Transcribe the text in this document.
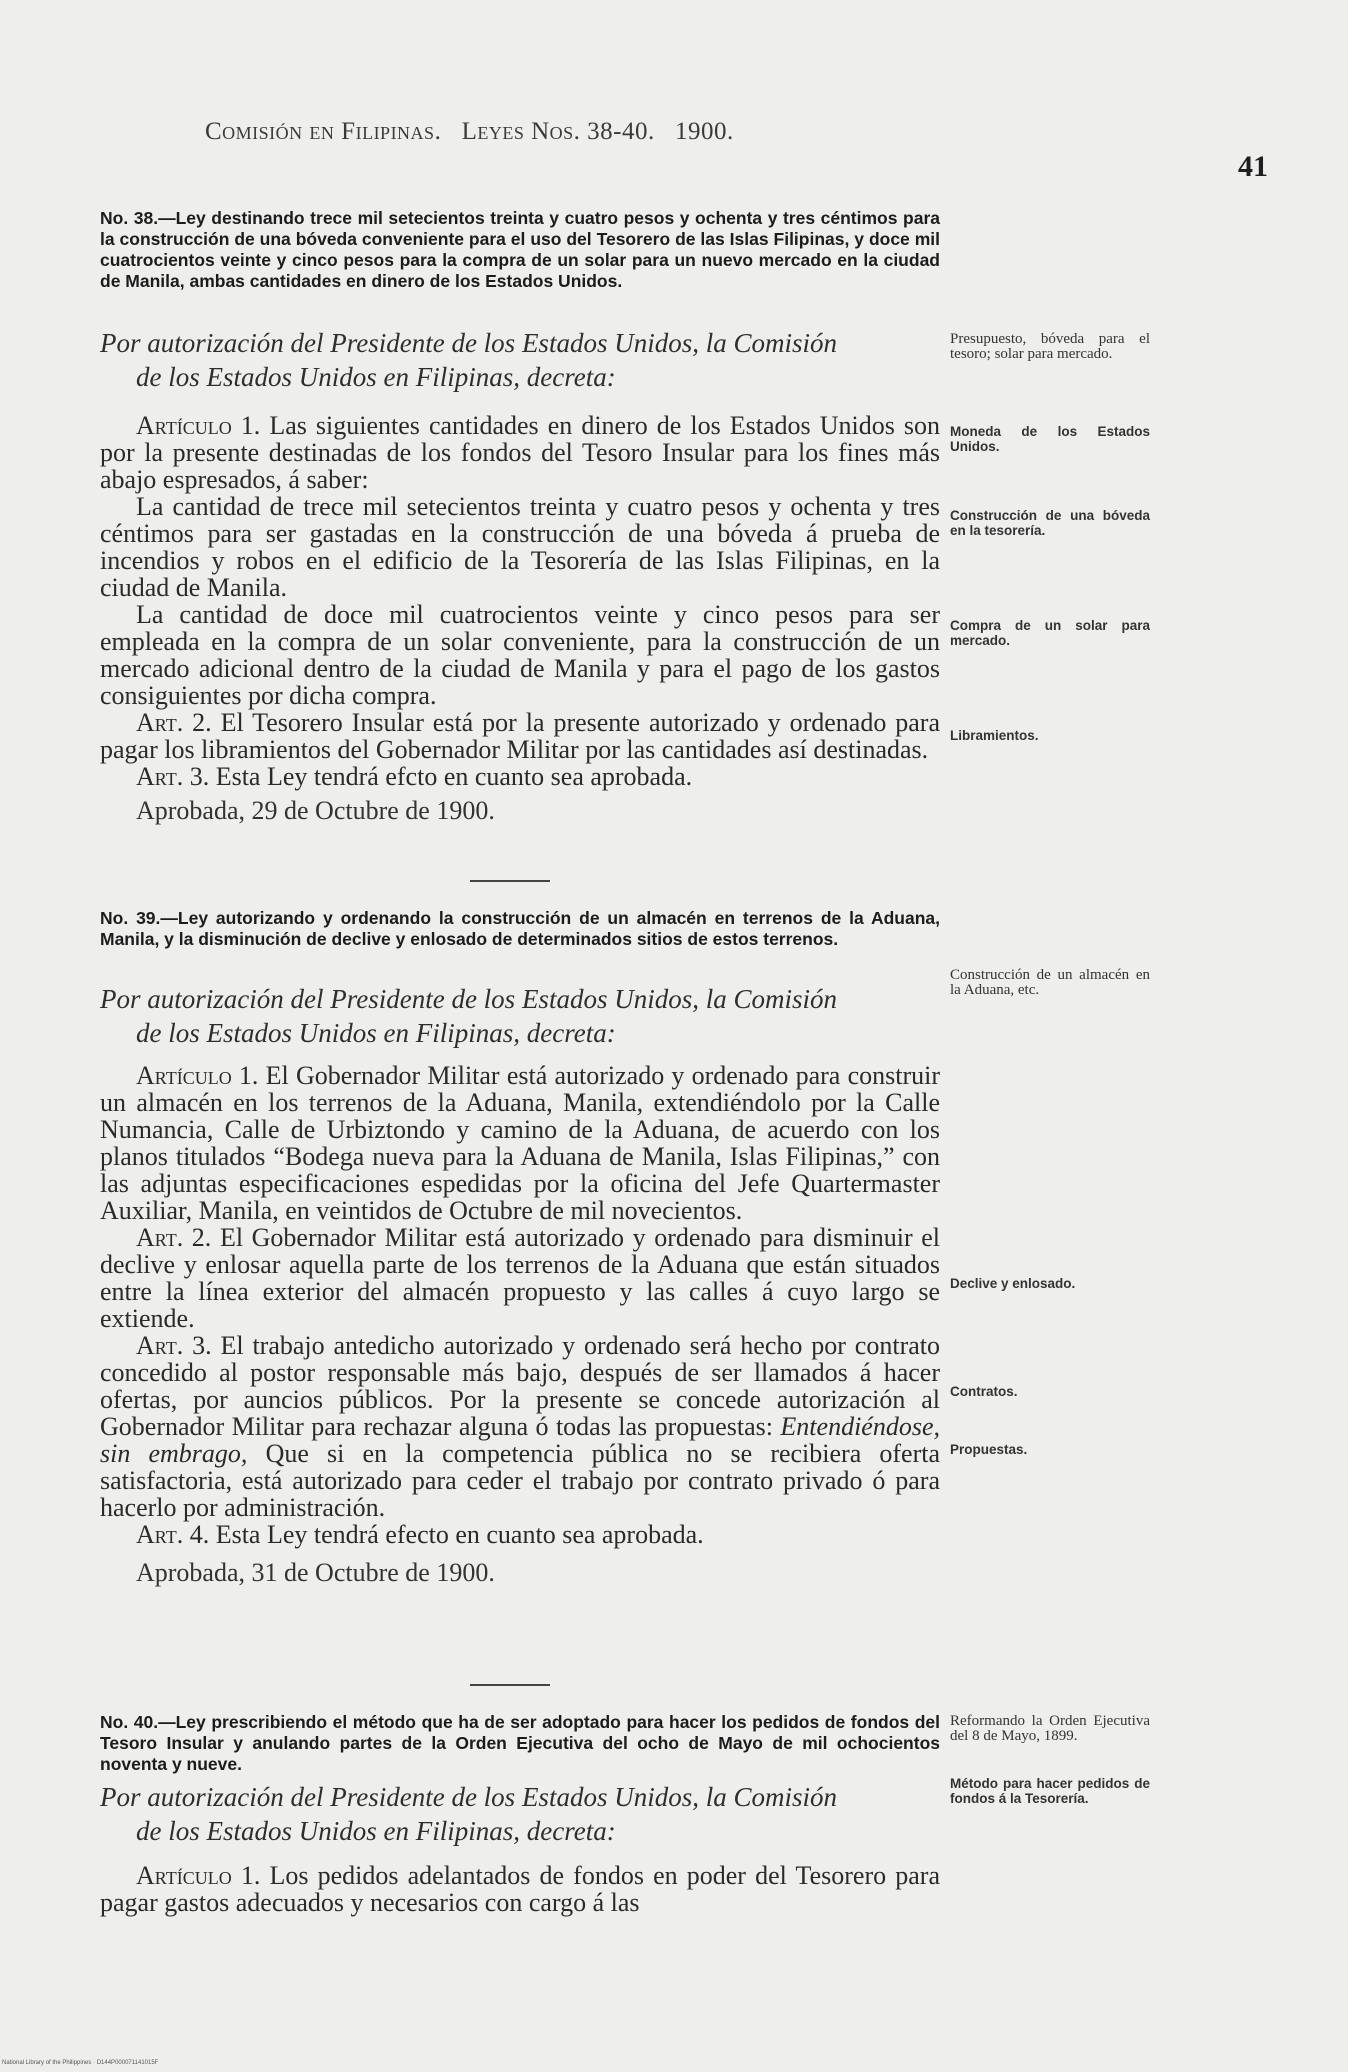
Comisión en Filipinas. Leyes Nos. 38-40. 1900.
41
No. 38.—Ley destinando trece mil setecientos treinta y cuatro pesos y ochenta y tres céntimos para la construcción de una bóveda conveniente para el uso del Tesorero de las Islas Filipinas, y doce mil cuatrocientos veinte y cinco pesos para la compra de un solar para un nuevo mercado en la ciudad de Manila, ambas cantidades en dinero de los Estados Unidos.
Por autorización del Presidente de los Estados Unidos, la Comisión
de los Estados Unidos en Filipinas, decreta:

Artículo 1. Las siguientes cantidades en dinero de los Estados Unidos son por la presente destinadas de los fondos del Tesoro Insular para los fines más abajo espresados, á saber:

La cantidad de trece mil setecientos treinta y cuatro pesos y ochenta y tres céntimos para ser gastadas en la construcción de una bóveda á prueba de incendios y robos en el edificio de la Tesorería de las Islas Filipinas, en la ciudad de Manila.

La cantidad de doce mil cuatrocientos veinte y cinco pesos para ser empleada en la compra de un solar conveniente, para la construcción de un mercado adicional dentro de la ciudad de Manila y para el pago de los gastos consiguientes por dicha compra.

Art. 2. El Tesorero Insular está por la presente autorizado y ordenado para pagar los libramientos del Gobernador Militar por las cantidades así destinadas.

Art. 3. Esta Ley tendrá efcto en cuanto sea aprobada.

Aprobada, 29 de Octubre de 1900.
Presupuesto, bóveda para el tesoro; solar para mercado.
Moneda de los Estados Unidos.
Construcción de una bóveda en la tesorería.
Compra de un solar para mercado.
Libramientos.
No. 39.—Ley autorizando y ordenando la construcción de un almacén en terrenos de la Aduana, Manila, y la disminución de declive y enlosado de determinados sitios de estos terrenos.
Por autorización del Presidente de los Estados Unidos, la Comisión
de los Estados Unidos en Filipinas, decreta:

Artículo 1. El Gobernador Militar está autorizado y ordenado para construir un almacén en los terrenos de la Aduana, Manila, extendiéndolo por la Calle Numancia, Calle de Urbiztondo y camino de la Aduana, de acuerdo con los planos titulados “Bodega nueva para la Aduana de Manila, Islas Filipinas,” con las adjuntas especificaciones espedidas por la oficina del Jefe Quartermaster Auxiliar, Manila, en veintidos de Octubre de mil novecientos.

Art. 2. El Gobernador Militar está autorizado y ordenado para disminuir el declive y enlosar aquella parte de los terrenos de la Aduana que están situados entre la línea exterior del almacén propuesto y las calles á cuyo largo se extiende.

Art. 3. El trabajo antedicho autorizado y ordenado será hecho por contrato concedido al postor responsable más bajo, después de ser llamados á hacer ofertas, por auncios públicos. Por la presente se concede autorización al Gobernador Militar para rechazar alguna ó todas las propuestas: Entendiéndose, sin embrago, Que si en la competencia pública no se recibiera oferta satisfactoria, está autorizado para ceder el trabajo por contrato privado ó para hacerlo por administración.

Art. 4. Esta Ley tendrá efecto en cuanto sea aprobada.

Aprobada, 31 de Octubre de 1900.
Construcción de un almacén en la Aduana, etc.
Declive y enlosado.
Contratos.
Propuestas.
No. 40.—Ley prescribiendo el método que ha de ser adoptado para hacer los pedidos de fondos del Tesoro Insular y anulando partes de la Orden Ejecutiva del ocho de Mayo de mil ochocientos noventa y nueve.
Por autorización del Presidente de los Estados Unidos, la Comisión
de los Estados Unidos en Filipinas, decreta:

Artículo 1. Los pedidos adelantados de fondos en poder del Tesorero para pagar gastos adecuados y necesarios con cargo á las

Reformando la Orden Ejecutiva del 8 de Mayo, 1899.
Método para hacer pedidos de fondos á la Tesorería.
National Library of the Philippines · D144P000071141015F
